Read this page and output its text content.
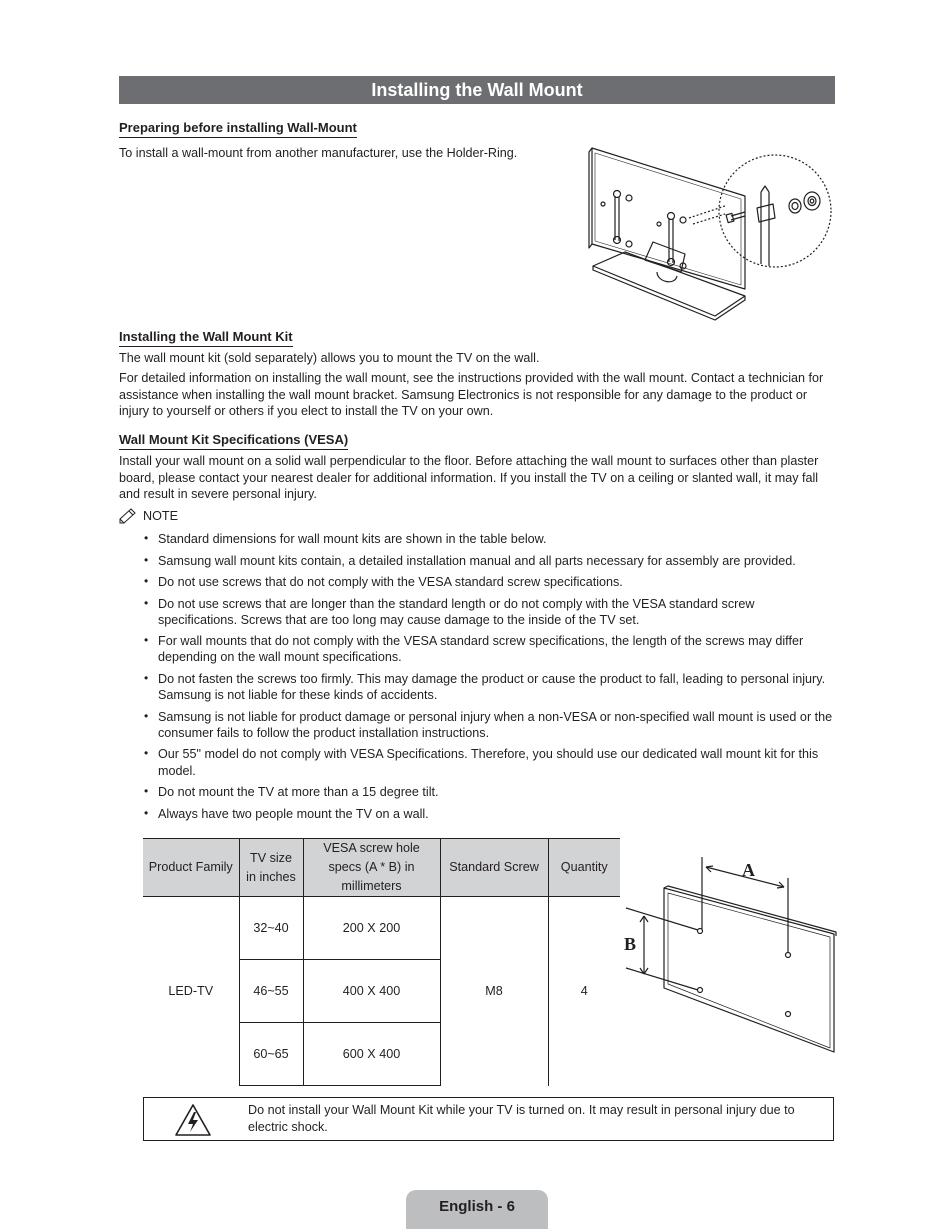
Installing the Wall Mount
Preparing before installing Wall-Mount

To install a wall-mount from another manufacturer, use the Holder-Ring.

Installing the Wall Mount Kit

The wall mount kit (sold separately) allows you to mount the TV on the wall.

For detailed information on installing the wall mount, see the instructions provided with the wall mount. Contact a technician for assistance when installing the wall mount bracket. Samsung Electronics is not responsible for any damage to the product or injury to yourself or others if you elect to install the TV on your own.

Wall Mount Kit Specifications (VESA)

Install your wall mount on a solid wall perpendicular to the floor. Before attaching the wall mount to surfaces other than plaster board, please contact your nearest dealer for additional information. If you install the TV on a ceiling or slanted wall, it may fall and result in severe personal injury.

NOTE
• Standard dimensions for wall mount kits are shown in the table below.
• Samsung wall mount kits contain, a detailed installation manual and all parts necessary for assembly are provided.
• Do not use screws that do not comply with the VESA standard screw specifications.
• Do not use screws that are longer than the standard length or do not comply with the VESA standard screw specifications. Screws that are too long may cause damage to the inside of the TV set.
• For wall mounts that do not comply with the VESA standard screw specifications, the length of the screws may differ depending on the wall mount specifications.
• Do not fasten the screws too firmly. This may damage the product or cause the product to fall, leading to personal injury. Samsung is not liable for these kinds of accidents.
• Samsung is not liable for product damage or personal injury when a non-VESA or non-specified wall mount is used or the consumer fails to follow the product installation instructions.
• Our 55" model do not comply with VESA Specifications. Therefore, you should use our dedicated wall mount kit for this model.
• Do not mount the TV at more than a 15 degree tilt.
• Always have two people mount the TV on a wall.
Product Family	TV size in inches	VESA screw hole specs (A * B) in millimeters	Standard Screw	Quantity
LED-TV	32~40	200 X 200	M8	4
	46~55	400 X 400		
	60~65	600 X 400		
A
B
Do not install your Wall Mount Kit while your TV is turned on. It may result in personal injury due to electric shock.
English - 6
